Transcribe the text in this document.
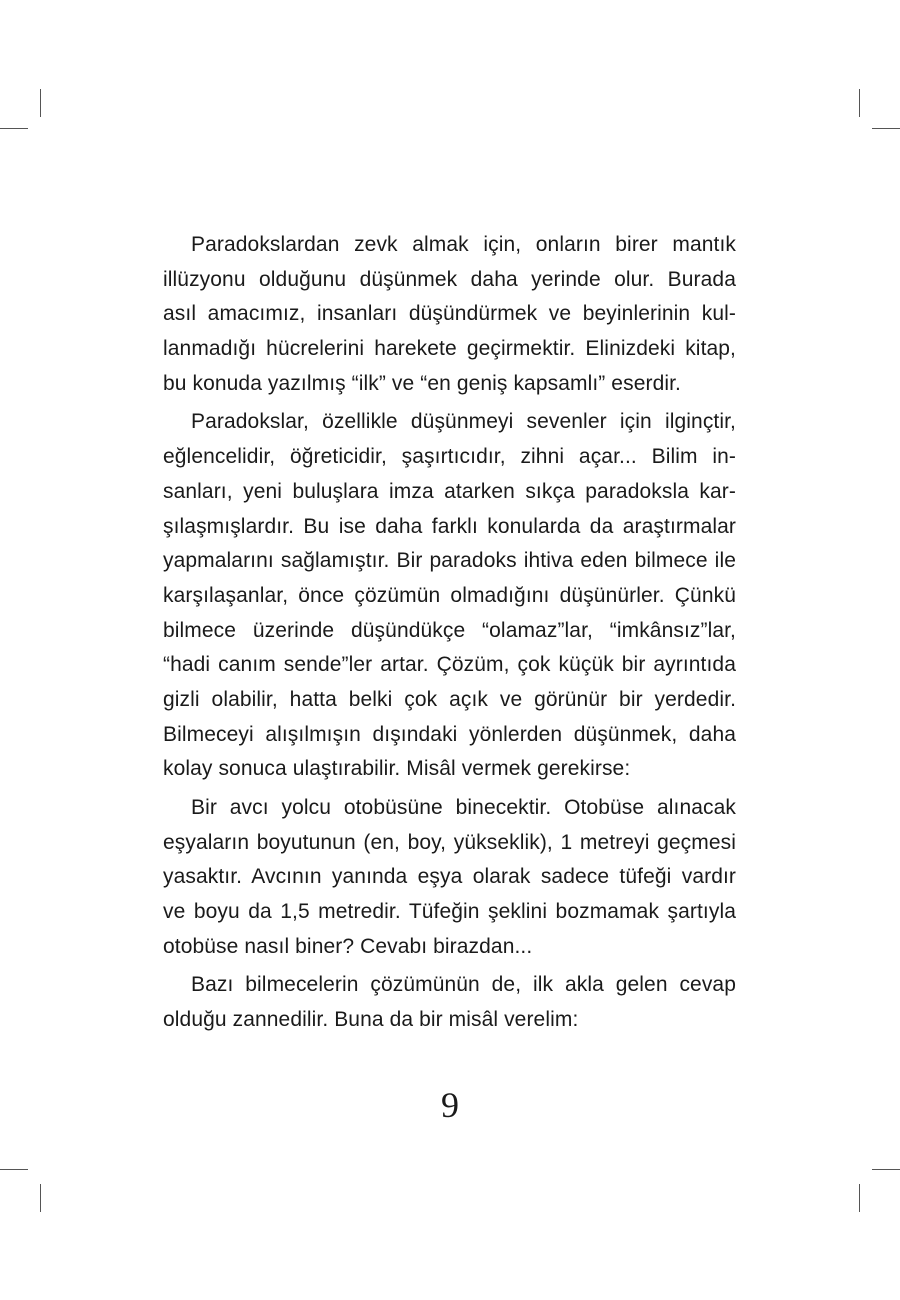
Paradokslardan zevk almak için, onların birer mantık
illüzyonu olduğunu düşünmek daha yerinde olur. Burada
asıl amacımız, insanları düşündürmek ve beyinlerinin kul-
lanmadığı hücrelerini harekete geçirmektir. Elinizdeki kitap,
bu konuda yazılmış “ilk” ve “en geniş kapsamlı” eserdir.
Paradokslar, özellikle düşünmeyi sevenler için ilginçtir,
eğlencelidir, öğreticidir, şaşırtıcıdır, zihni açar... Bilim in-
sanları, yeni buluşlara imza atarken sıkça paradoksla kar-
şılaşmışlardır. Bu ise daha farklı konularda da araştırmalar
yapmalarını sağlamıştır. Bir paradoks ihtiva eden bilmece ile
karşılaşanlar, önce çözümün olmadığını düşünürler. Çünkü
bilmece üzerinde düşündükçe “olamaz”lar, “imkânsız”lar,
“hadi canım sende”ler artar. Çözüm, çok küçük bir ayrıntıda
gizli olabilir, hatta belki çok açık ve görünür bir yerdedir.
Bilmeceyi alışılmışın dışındaki yönlerden düşünmek, daha
kolay sonuca ulaştırabilir. Misâl vermek gerekirse:
Bir avcı yolcu otobüsüne binecektir. Otobüse alınacak
eşyaların boyutunun (en, boy, yükseklik), 1 metreyi geçmesi
yasaktır. Avcının yanında eşya olarak sadece tüfeği vardır
ve boyu da 1,5 metredir. Tüfeğin şeklini bozmamak şartıyla
otobüse nasıl biner? Cevabı birazdan...
Bazı bilmecelerin çözümünün de, ilk akla gelen cevap
olduğu zannedilir. Buna da bir misâl verelim:
9
